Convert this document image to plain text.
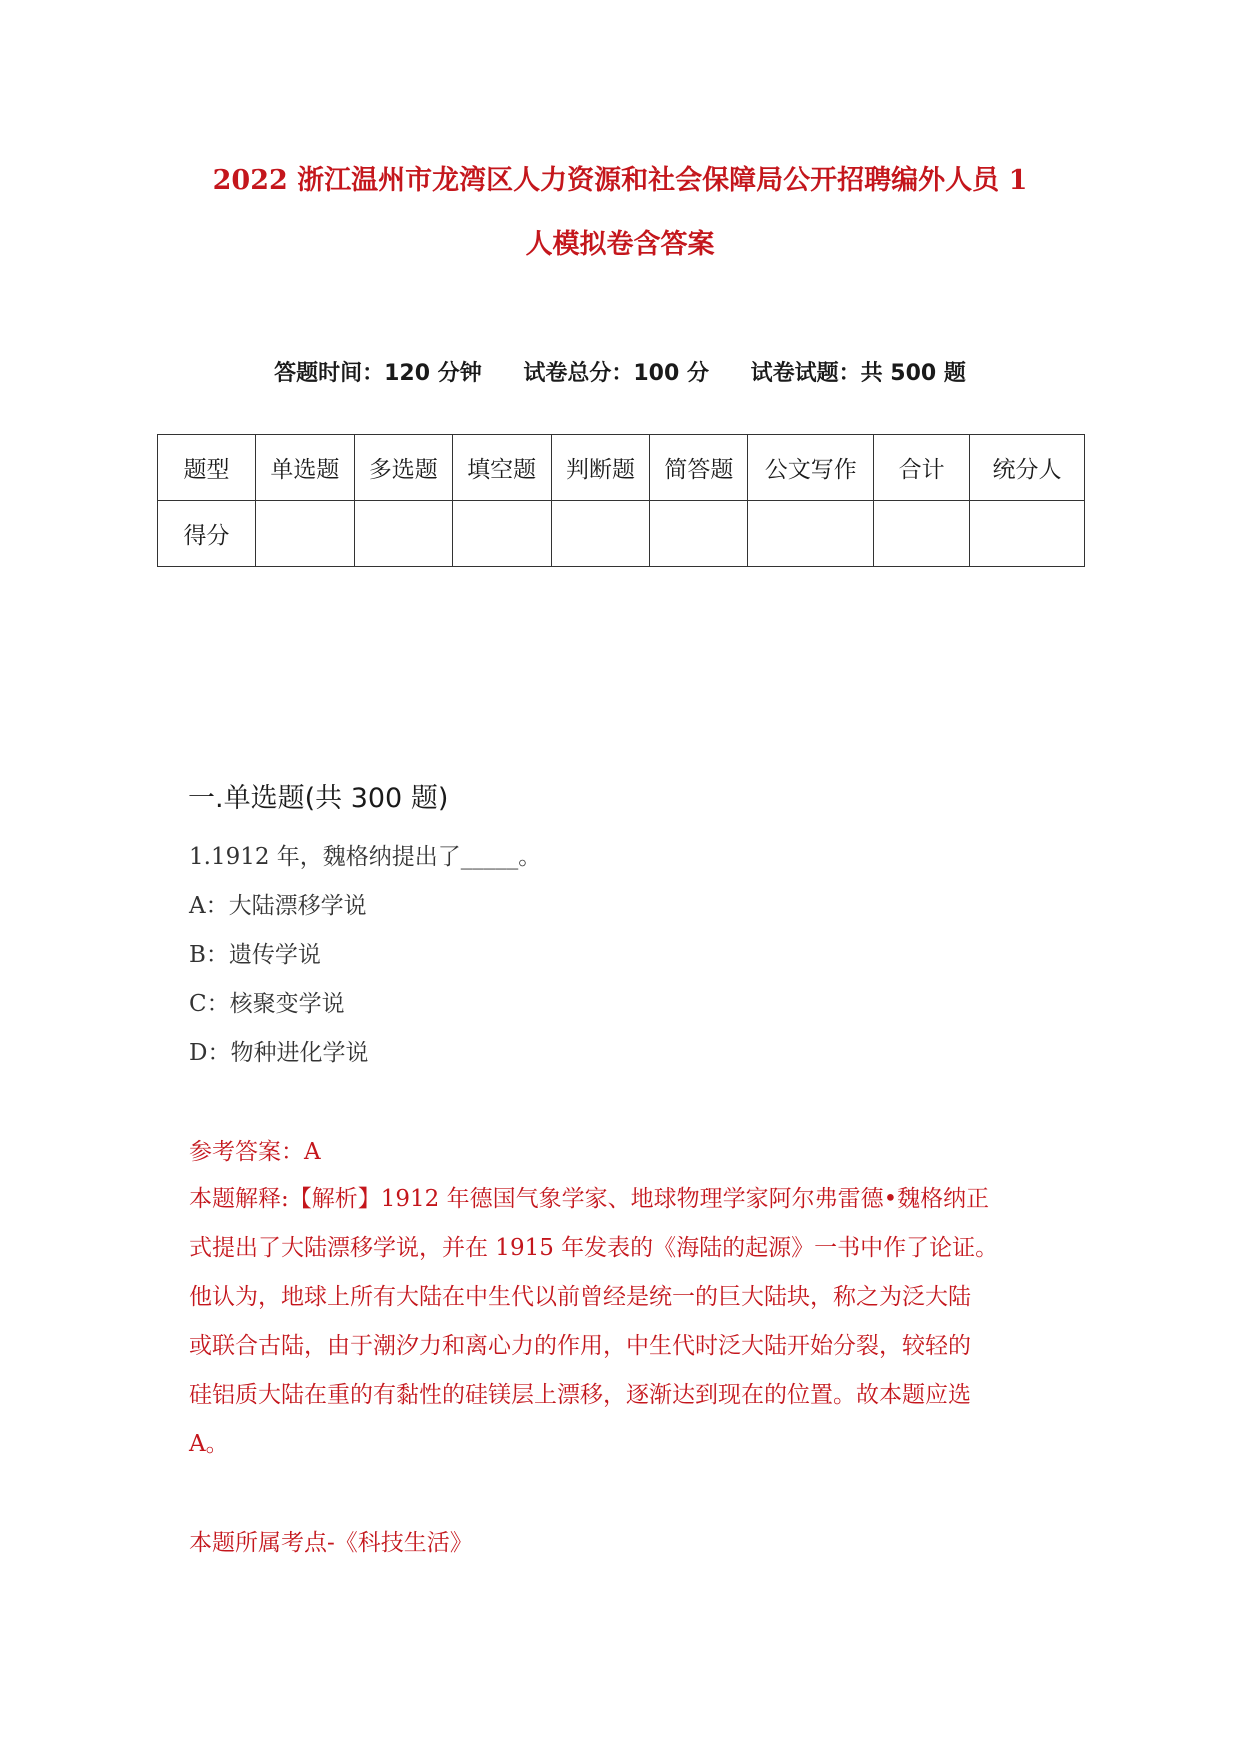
2022 浙江温州市龙湾区人力资源和社会保障局公开招聘编外人员 1
人模拟卷含答案
答题时间：120 分钟 试卷总分：100 分 试卷试题：共 500 题
题型	单选题	多选题	填空题	判断题	简答题	公文写作	合计	统分人
得分								
一.单选题(共 300 题)
1.1912 年，魏格纳提出了_____。
A：大陆漂移学说
B：遗传学说
C：核聚变学说
D：物种进化学说
参考答案：A
本题解释:【解析】1912 年德国气象学家、地球物理学家阿尔弗雷德•魏格纳正
式提出了大陆漂移学说，并在 1915 年发表的《海陆的起源》一书中作了论证。
他认为，地球上所有大陆在中生代以前曾经是统一的巨大陆块，称之为泛大陆
或联合古陆，由于潮汐力和离心力的作用，中生代时泛大陆开始分裂，较轻的
硅铝质大陆在重的有黏性的硅镁层上漂移，逐渐达到现在的位置。故本题应选
A。
本题所属考点-《科技生活》
